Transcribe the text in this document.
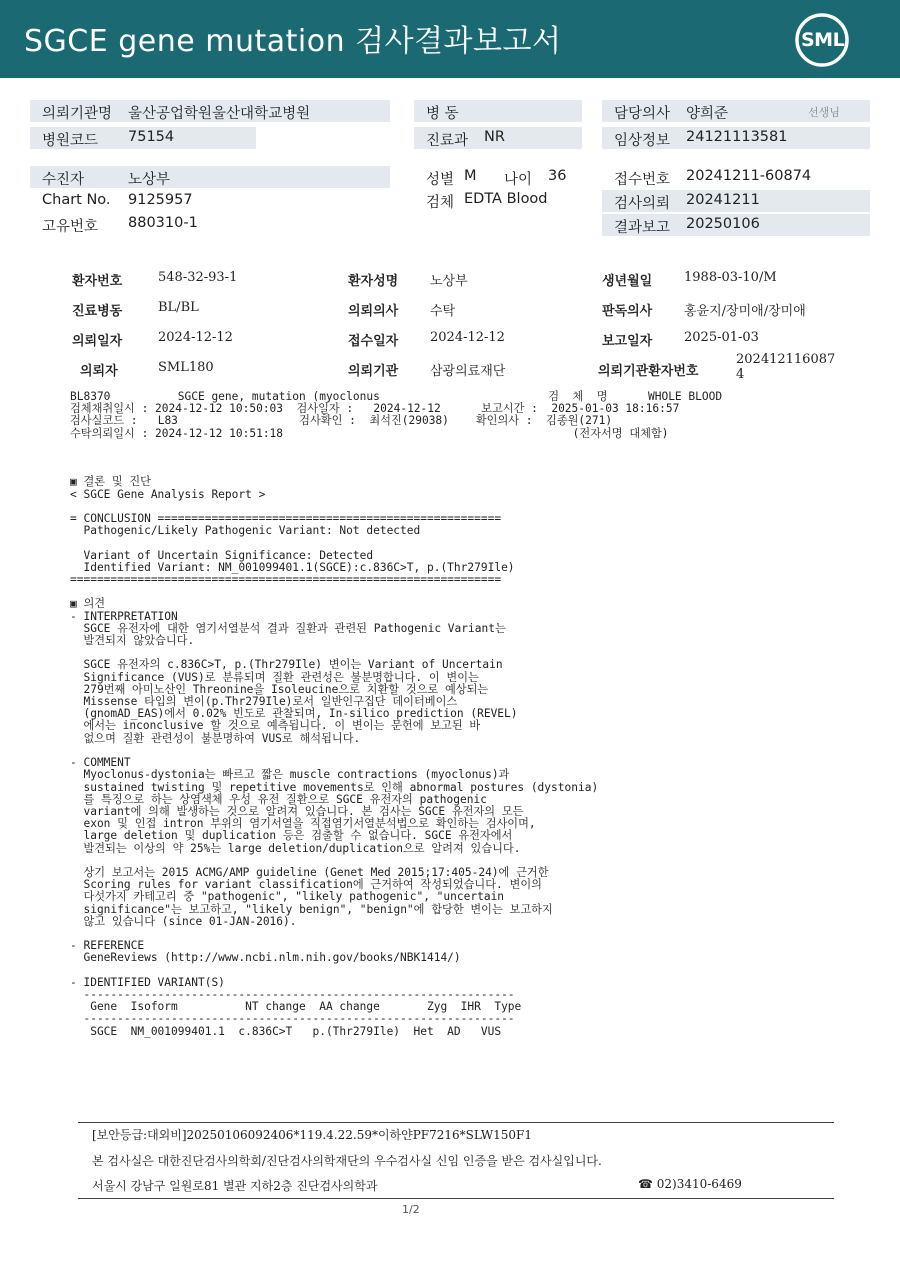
SGCE gene mutation 검사결과보고서	SML
의뢰기관명 울산공업학원울산대학교병원	병 동	담당의사 양희준	선생님
병원코드 75154	진료과 NR	임상정보 24121113581
수진자	노상부	성별 M 나이 36	접수번호 20241211-60874
Chart No. 9125957	검체 EDTA Blood	검사의뢰 20241211
고유번호 880310-1	결과보고 20250106
환자번호	548-32-93-1	환자성명 노상부	생년월일 1988-03-10/M
진료병동	BL/BL	의뢰의사 수탁	판독의사 홍윤지/장미애/장미애
의뢰일자	2024-12-12	접수일자 2024-12-12	보고일자 2025-01-03
의뢰자	SML180	의뢰기관 삼광의료재단	의뢰기관환자번호
202412116087
4
BL8370          SGCE gene, mutation (myoclonus                         검  체  명      WHOLE BLOOD
검체채취일시 : 2024-12-12 10:50:03  검사일자 :   2024-12-12      보고시간 :  2025-01-03 18:16:57
검사실코드 :   L83                  검사확인 :  최석진(29038)    확인의사 :  김종원(271)
수탁의뢰일시 : 2024-12-12 10:51:18                                           (전자서명 대체함)

▣ 결론 및 진단
< SGCE Gene Analysis Report >

= CONCLUSION ===================================================
Pathogenic/Likely Pathogenic Variant: Not detected

Variant of Uncertain Significance: Detected
Identified Variant: NM_001099401.1(SGCE):c.836C>T, p.(Thr279Ile)
================================================================

▣ 의견
- INTERPRETATION
SGCE 유전자에 대한 염기서열분석 결과 질환과 관련된 Pathogenic Variant는
발견되지 않았습니다.

SGCE 유전자의 c.836C>T, p.(Thr279Ile) 변이는 Variant of Uncertain
Significance (VUS)로 분류되며 질환 관련성은 불분명합니다. 이 변이는
279번째 아미노산인 Threonine을 Isoleucine으로 치환할 것으로 예상되는
Missense 타입의 변이(p.Thr279Ile)로서 일반인구집단 데이터베이스
(gnomAD_EAS)에서 0.02% 빈도로 관찰되며, In-silico prediction (REVEL)
에서는 inconclusive 할 것으로 예측됩니다. 이 변이는 문헌에 보고된 바
없으며 질환 관련성이 불분명하여 VUS로 해석됩니다.

- COMMENT
Myoclonus-dystonia는 빠르고 짧은 muscle contractions (myoclonus)과
sustained twisting 및 repetitive movements로 인해 abnormal postures (dystonia)
를 특징으로 하는 상염색체 우성 유전 질환으로 SGCE 유전자의 pathogenic
variant에 의해 발생하는 것으로 알려져 있습니다. 본 검사는 SGCE 유전자의 모든
exon 및 인접 intron 부위의 염기서열을 직접염기서열분석법으로 확인하는 검사이며,
large deletion 및 duplication 등은 검출할 수 없습니다. SGCE 유전자에서
발견되는 이상의 약 25%는 large deletion/duplication으로 알려져 있습니다.

상기 보고서는 2015 ACMG/AMP guideline (Genet Med 2015;17:405-24)에 근거한
Scoring rules for variant classification에 근거하여 작성되었습니다. 변이의
다섯가지 카테고리 중 "pathogenic", "likely pathogenic", "uncertain
significance"는 보고하고, "likely benign", "benign"에 합당한 변이는 보고하지
않고 있습니다 (since 01-JAN-2016).

- REFERENCE
GeneReviews (http://www.ncbi.nlm.nih.gov/books/NBK1414/)

- IDENTIFIED VARIANT(S)
----------------------------------------------------------------
Gene  Isoform          NT change  AA change       Zyg  IHR  Type
----------------------------------------------------------------
SGCE  NM_001099401.1  c.836C>T   p.(Thr279Ile)  Het  AD   VUS
[보안등급:대외비]20250106092406*119.4.22.59*이하얀PF7216*SLW150F1
본 검사실은 대한진단검사의학회/진단검사의학재단의 우수검사실 신임 인증을 받은 검사실입니다.
서울시 강남구 일원로81 별관 지하2층 진단검사의학과	☎ 02)3410-6469
1/2
